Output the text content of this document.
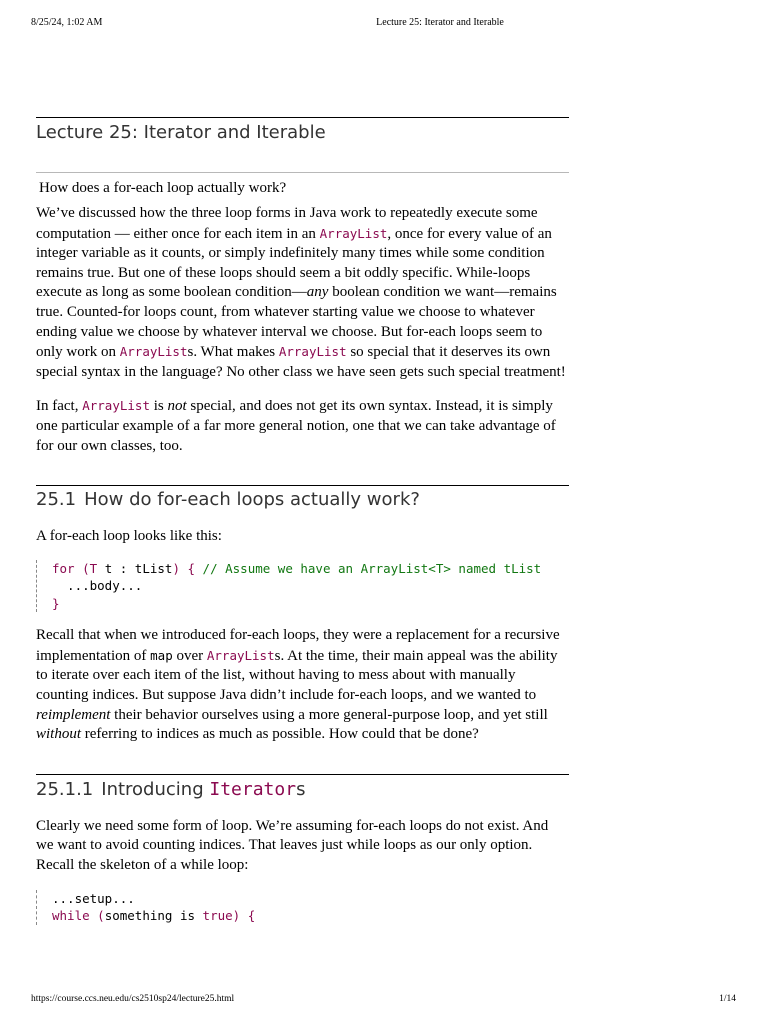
8/25/24, 1:02 AM	Lecture 25: Iterator and Iterable
Lecture 25: Iterator and Iterable
How does a for-each loop actually work?

We’ve discussed how the three loop forms in Java work to repeatedly execute some computation — either once for each item in an ArrayList, once for every value of an integer variable as it counts, or simply indefinitely many times while some condition remains true. But one of these loops should seem a bit oddly specific. While-loops execute as long as some boolean condition—any boolean condition we want—remains true. Counted-for loops count, from whatever starting value we choose to whatever ending value we choose by whatever interval we choose. But for-each loops seem to only work on ArrayLists. What makes ArrayList so special that it deserves its own special syntax in the language? No other class we have seen gets such special treatment!

In fact, ArrayList is not special, and does not get its own syntax. Instead, it is simply one particular example of a far more general notion, one that we can take advantage of for our own classes, too.

25.1 How do for-each loops actually work?

A for-each loop looks like this:

for (T t : tList) { // Assume we have an ArrayList<T> named tList
...body...
}

Recall that when we introduced for-each loops, they were a replacement for a recursive implementation of map over ArrayLists. At the time, their main appeal was the ability to iterate over each item of the list, without having to mess about with manually counting indices. But suppose Java didn’t include for-each loops, and we wanted to reimplement their behavior ourselves using a more general-purpose loop, and yet still without referring to indices as much as possible. How could that be done?

25.1.1 Introducing Iterators

Clearly we need some form of loop. We’re assuming for-each loops do not exist. And we want to avoid counting indices. That leaves just while loops as our only option. Recall the skeleton of a while loop:

...setup...
while (something is true) {
https://course.ccs.neu.edu/cs2510sp24/lecture25.html	1/14
